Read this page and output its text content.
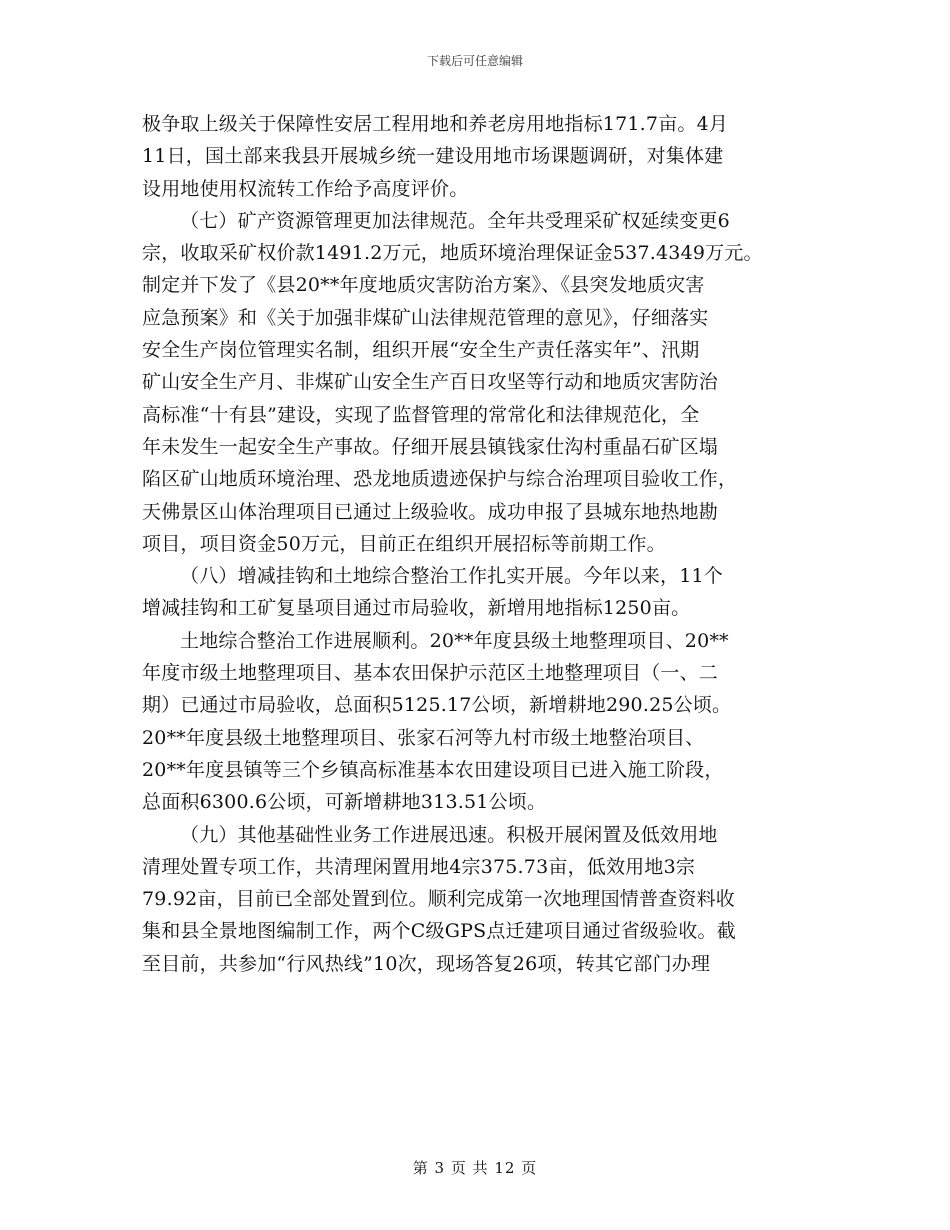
下载后可任意编辑
极争取上级关于保障性安居工程用地和养老房用地指标171.7亩。4月
11日，国土部来我县开展城乡统一建设用地市场课题调研，对集体建
设用地使用权流转工作给予高度评价。
（七）矿产资源管理更加法律规范。全年共受理采矿权延续变更6
宗，收取采矿权价款1491.2万元，地质环境治理保证金537.4349万元。
制定并下发了《县20**年度地质灾害防治方案》、《县突发地质灾害
应急预案》和《关于加强非煤矿山法律规范管理的意见》，仔细落实
安全生产岗位管理实名制，组织开展“安全生产责任落实年”、汛期
矿山安全生产月、非煤矿山安全生产百日攻坚等行动和地质灾害防治
高标准“十有县”建设，实现了监督管理的常常化和法律规范化，全
年未发生一起安全生产事故。仔细开展县镇钱家仕沟村重晶石矿区塌
陷区矿山地质环境治理、恐龙地质遗迹保护与综合治理项目验收工作，
天佛景区山体治理项目已通过上级验收。成功申报了县城东地热地勘
项目，项目资金50万元，目前正在组织开展招标等前期工作。
（八）增减挂钩和土地综合整治工作扎实开展。今年以来，11个
增减挂钩和工矿复垦项目通过市局验收，新增用地指标1250亩。
土地综合整治工作进展顺利。20**年度县级土地整理项目、20**
年度市级土地整理项目、基本农田保护示范区土地整理项目（一、二
期）已通过市局验收，总面积5125.17公顷，新增耕地290.25公顷。
20**年度县级土地整理项目、张家石河等九村市级土地整治项目、
20**年度县镇等三个乡镇高标准基本农田建设项目已进入施工阶段，
总面积6300.6公顷，可新增耕地313.51公顷。
（九）其他基础性业务工作进展迅速。积极开展闲置及低效用地
清理处置专项工作，共清理闲置用地4宗375.73亩，低效用地3宗
79.92亩，目前已全部处置到位。顺利完成第一次地理国情普查资料收
集和县全景地图编制工作，两个C级GPS点迁建项目通过省级验收。截
至目前，共参加“行风热线”10次，现场答复26项，转其它部门办理
第 3 页 共 12 页
